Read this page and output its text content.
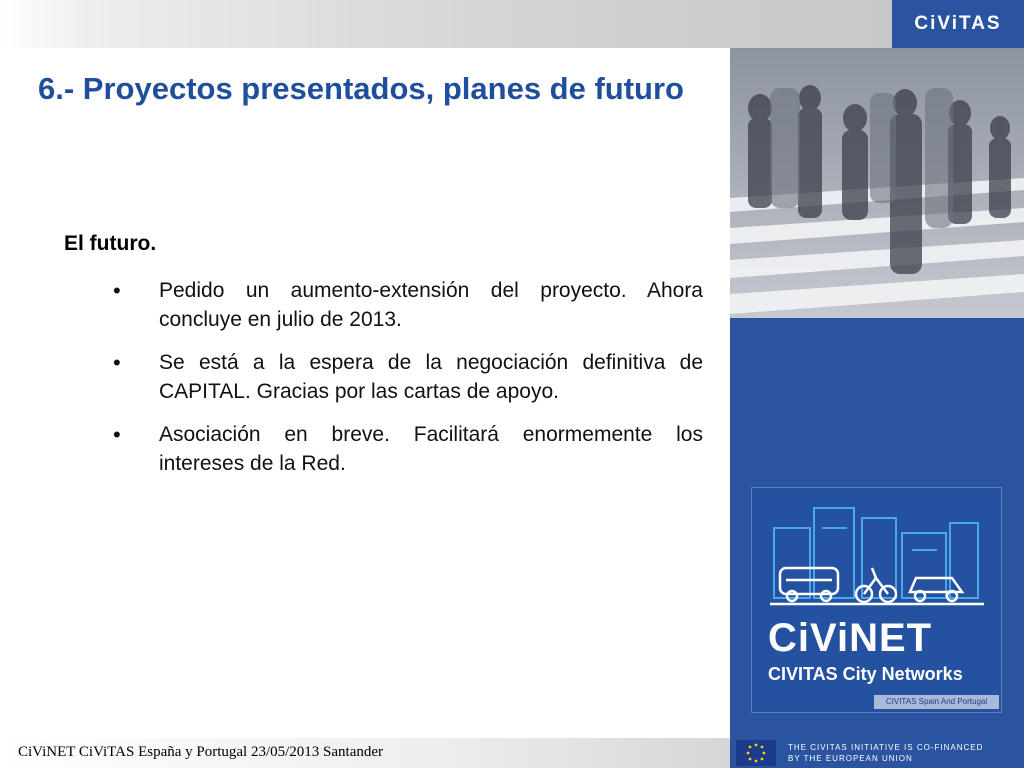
CiViTAS
6.- Proyectos presentados, planes de futuro
El futuro.
• Pedido un aumento-extensión del proyecto. Ahora concluye en julio de 2013.
• Se está a la espera de la negociación definitiva de CAPITAL. Gracias por las cartas de apoyo.
• Asociación en breve. Facilitará enormemente los intereses de la Red.

CiViNET

CIVITAS City Networks

CIVITAS Spain And Portugal

CiViNET CiViTAS España y Portugal 23/05/2013 Santander	THE CIVITAS INITIATIVE IS CO-FINANCED
BY THE EUROPEAN UNION
